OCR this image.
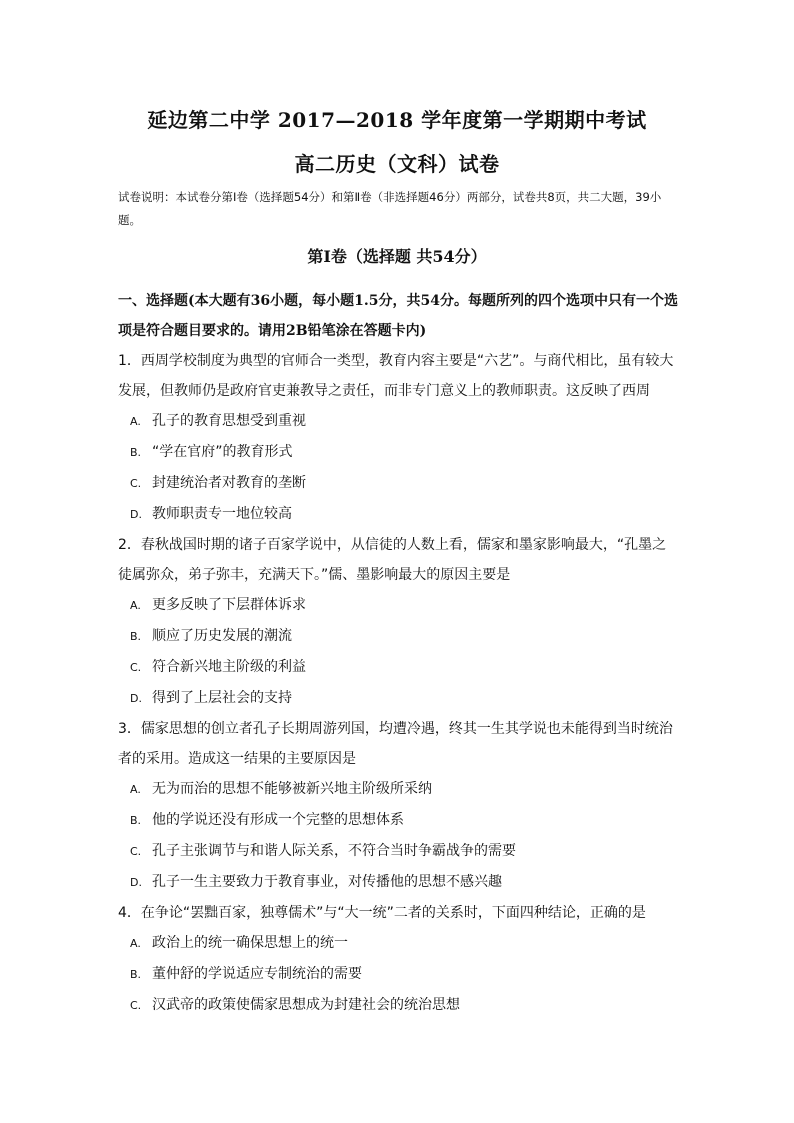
延边第二中学 2017—2018 学年度第一学期期中考试
高二历史（文科）试卷
试卷说明：本试卷分第Ⅰ卷（选择题54分）和第Ⅱ卷（非选择题46分）两部分，试卷共8页，共二大题，39小题。
第Ⅰ卷（选择题 共54分）
一、选择题(本大题有36小题，每小题1.5分，共54分。每题所列的四个选项中只有一个选项是符合题目要求的。请用2B铅笔涂在答题卡内)

1．西周学校制度为典型的官师合一类型，教育内容主要是“六艺”。与商代相比，虽有较大发展，但教师仍是政府官吏兼教导之责任，而非专门意义上的教师职责。这反映了西周

A. 孔子的教育思想受到重视

B. “学在官府”的教育形式

C. 封建统治者对教育的垄断

D. 教师职责专一地位较高

2．春秋战国时期的诸子百家学说中，从信徒的人数上看，儒家和墨家影响最大，“孔墨之徒属弥众，弟子弥丰，充满天下。”儒、墨影响最大的原因主要是

A. 更多反映了下层群体诉求

B. 顺应了历史发展的潮流

C. 符合新兴地主阶级的利益

D. 得到了上层社会的支持

3．儒家思想的创立者孔子长期周游列国，均遭冷遇，终其一生其学说也未能得到当时统治者的采用。造成这一结果的主要原因是

A. 无为而治的思想不能够被新兴地主阶级所采纳

B. 他的学说还没有形成一个完整的思想体系

C. 孔子主张调节与和谐人际关系，不符合当时争霸战争的需要

D. 孔子一生主要致力于教育事业，对传播他的思想不感兴趣

4．在争论“罢黜百家，独尊儒术”与“大一统”二者的关系时，下面四种结论，正确的是

A. 政治上的统一确保思想上的统一

B. 董仲舒的学说适应专制统治的需要

C. 汉武帝的政策使儒家思想成为封建社会的统治思想
